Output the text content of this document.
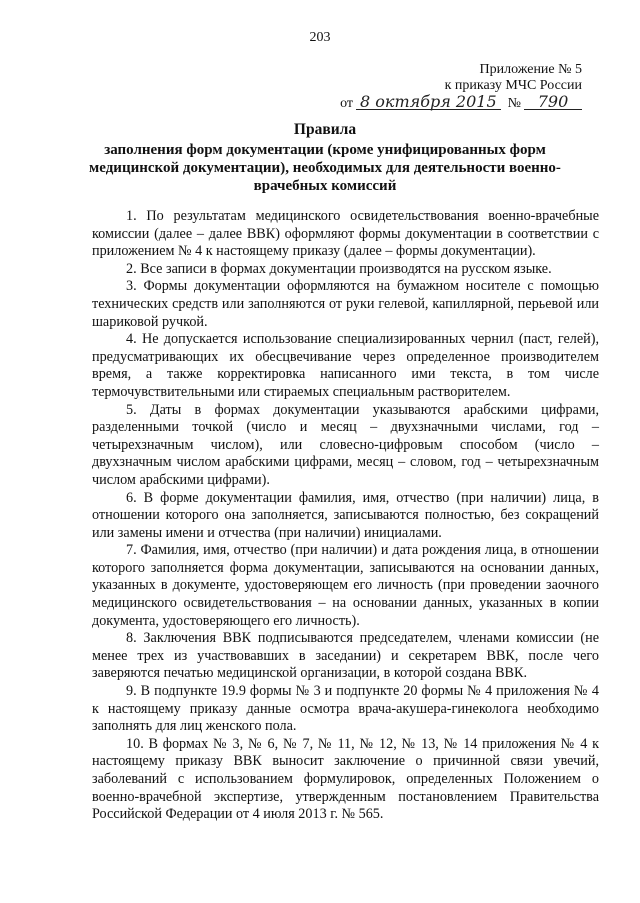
203
Приложение № 5
к приказу МЧС России
от 8 октября 2015 №	790
Правила
заполнения форм документации (кроме унифицированных форм медицинской документации), необходимых для деятельности военно-врачебных комиссий

1. По результатам медицинского освидетельствования военно-врачебные комиссии (далее – далее ВВК) оформляют формы документации в соответствии с приложением № 4 к настоящему приказу (далее – формы документации).

2. Все записи в формах документации производятся на русском языке.

3. Формы документации оформляются на бумажном носителе с помощью технических средств или заполняются от руки гелевой, капиллярной, перьевой или шариковой ручкой.

4. Не допускается использование специализированных чернил (паст, гелей), предусматривающих их обесцвечивание через определенное производителем время, а также корректировка написанного ими текста, в том числе термочувствительными или стираемых специальным растворителем.

5. Даты в формах документации указываются арабскими цифрами, разделенными точкой (число и месяц – двухзначными числами, год – четырехзначным числом), или словесно-цифровым способом (число – двухзначным числом арабскими цифрами, месяц – словом, год – четырехзначным числом арабскими цифрами).

6. В форме документации фамилия, имя, отчество (при наличии) лица, в отношении которого она заполняется, записываются полностью, без сокращений или замены имени и отчества (при наличии) инициалами.

7. Фамилия, имя, отчество (при наличии) и дата рождения лица, в отношении которого заполняется форма документации, записываются на основании данных, указанных в документе, удостоверяющем его личность (при проведении заочного медицинского освидетельствования – на основании данных, указанных в копии документа, удостоверяющего его личность).

8. Заключения ВВК подписываются председателем, членами комиссии (не менее трех из участвовавших в заседании) и секретарем ВВК, после чего заверяются печатью медицинской организации, в которой создана ВВК.

9. В подпункте 19.9 формы № 3 и подпункте 20 формы № 4 приложения № 4 к настоящему приказу данные осмотра врача-акушера-гинеколога необходимо заполнять для лиц женского пола.

10. В формах № 3, № 6, № 7, № 11, № 12, № 13, № 14 приложения № 4 к настоящему приказу ВВК выносит заключение о причинной связи увечий, заболеваний с использованием формулировок, определенных Положением о военно-врачебной экспертизе, утвержденным постановлением Правительства Российской Федерации от 4 июля 2013 г. № 565.
